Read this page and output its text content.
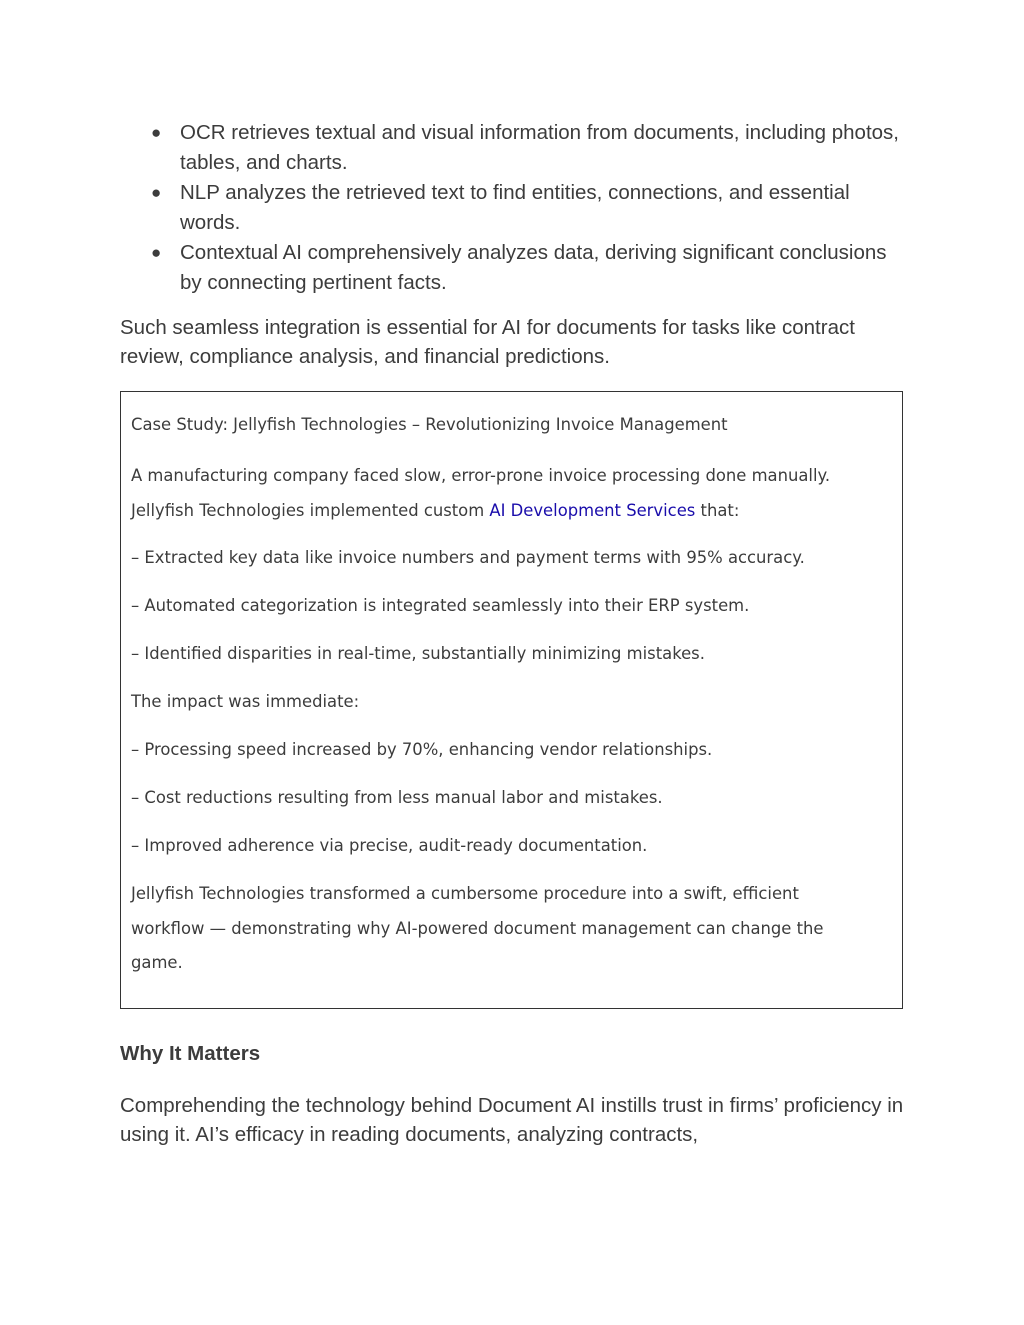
● OCR retrieves textual and visual information from documents, including photos, tables, and charts.
● NLP analyzes the retrieved text to find entities, connections, and essential words.
● Contextual AI comprehensively analyzes data, deriving significant conclusions by connecting pertinent facts.

Such seamless integration is essential for AI for documents for tasks like contract review, compliance analysis, and financial predictions.

Case Study: Jellyfish Technologies – Revolutionizing Invoice Management

A manufacturing company faced slow, error-prone invoice processing done manually. Jellyfish Technologies implemented custom AI Development Services that:

– Extracted key data like invoice numbers and payment terms with 95% accuracy.

– Automated categorization is integrated seamlessly into their ERP system.

– Identified disparities in real-time, substantially minimizing mistakes.

The impact was immediate:

– Processing speed increased by 70%, enhancing vendor relationships.

– Cost reductions resulting from less manual labor and mistakes.

– Improved adherence via precise, audit-ready documentation.

Jellyfish Technologies transformed a cumbersome procedure into a swift, efficient workflow — demonstrating why AI-powered document management can change the game.

Why It Matters

Comprehending the technology behind Document AI instills trust in firms’ proficiency in using it. AI’s efficacy in reading documents, analyzing contracts,
